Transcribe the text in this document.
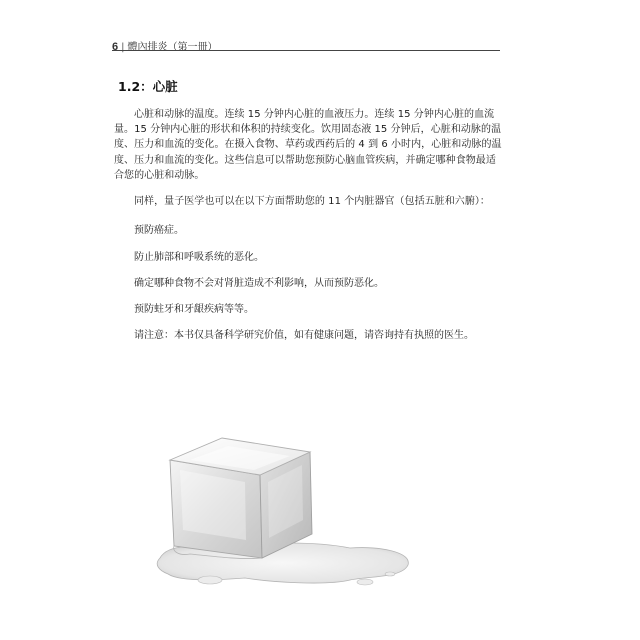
6 | 體內排炎（第一冊）
1.2：心脏
心脏和动脉的温度。连续 15 分钟内心脏的血液压力。连续 15 分钟内心脏的血流量。15 分钟内心脏的形状和体积的持续变化。饮用固态液 15 分钟后，心脏和动脉的温度、压力和血流的变化。在摄入食物、草药或西药后的 4 到 6 小时内，心脏和动脉的温度、压力和血流的变化。这些信息可以帮助您预防心脑血管疾病，并确定哪种食物最适合您的心脏和动脉。
同样，量子医学也可以在以下方面帮助您的 11 个内脏器官（包括五脏和六腑）：
预防癌症。
防止肺部和呼吸系统的恶化。
确定哪种食物不会对肾脏造成不利影响，从而预防恶化。
预防蛀牙和牙龈疾病等等。
请注意：本书仅具备科学研究价值，如有健康问题，请咨询持有执照的医生。
